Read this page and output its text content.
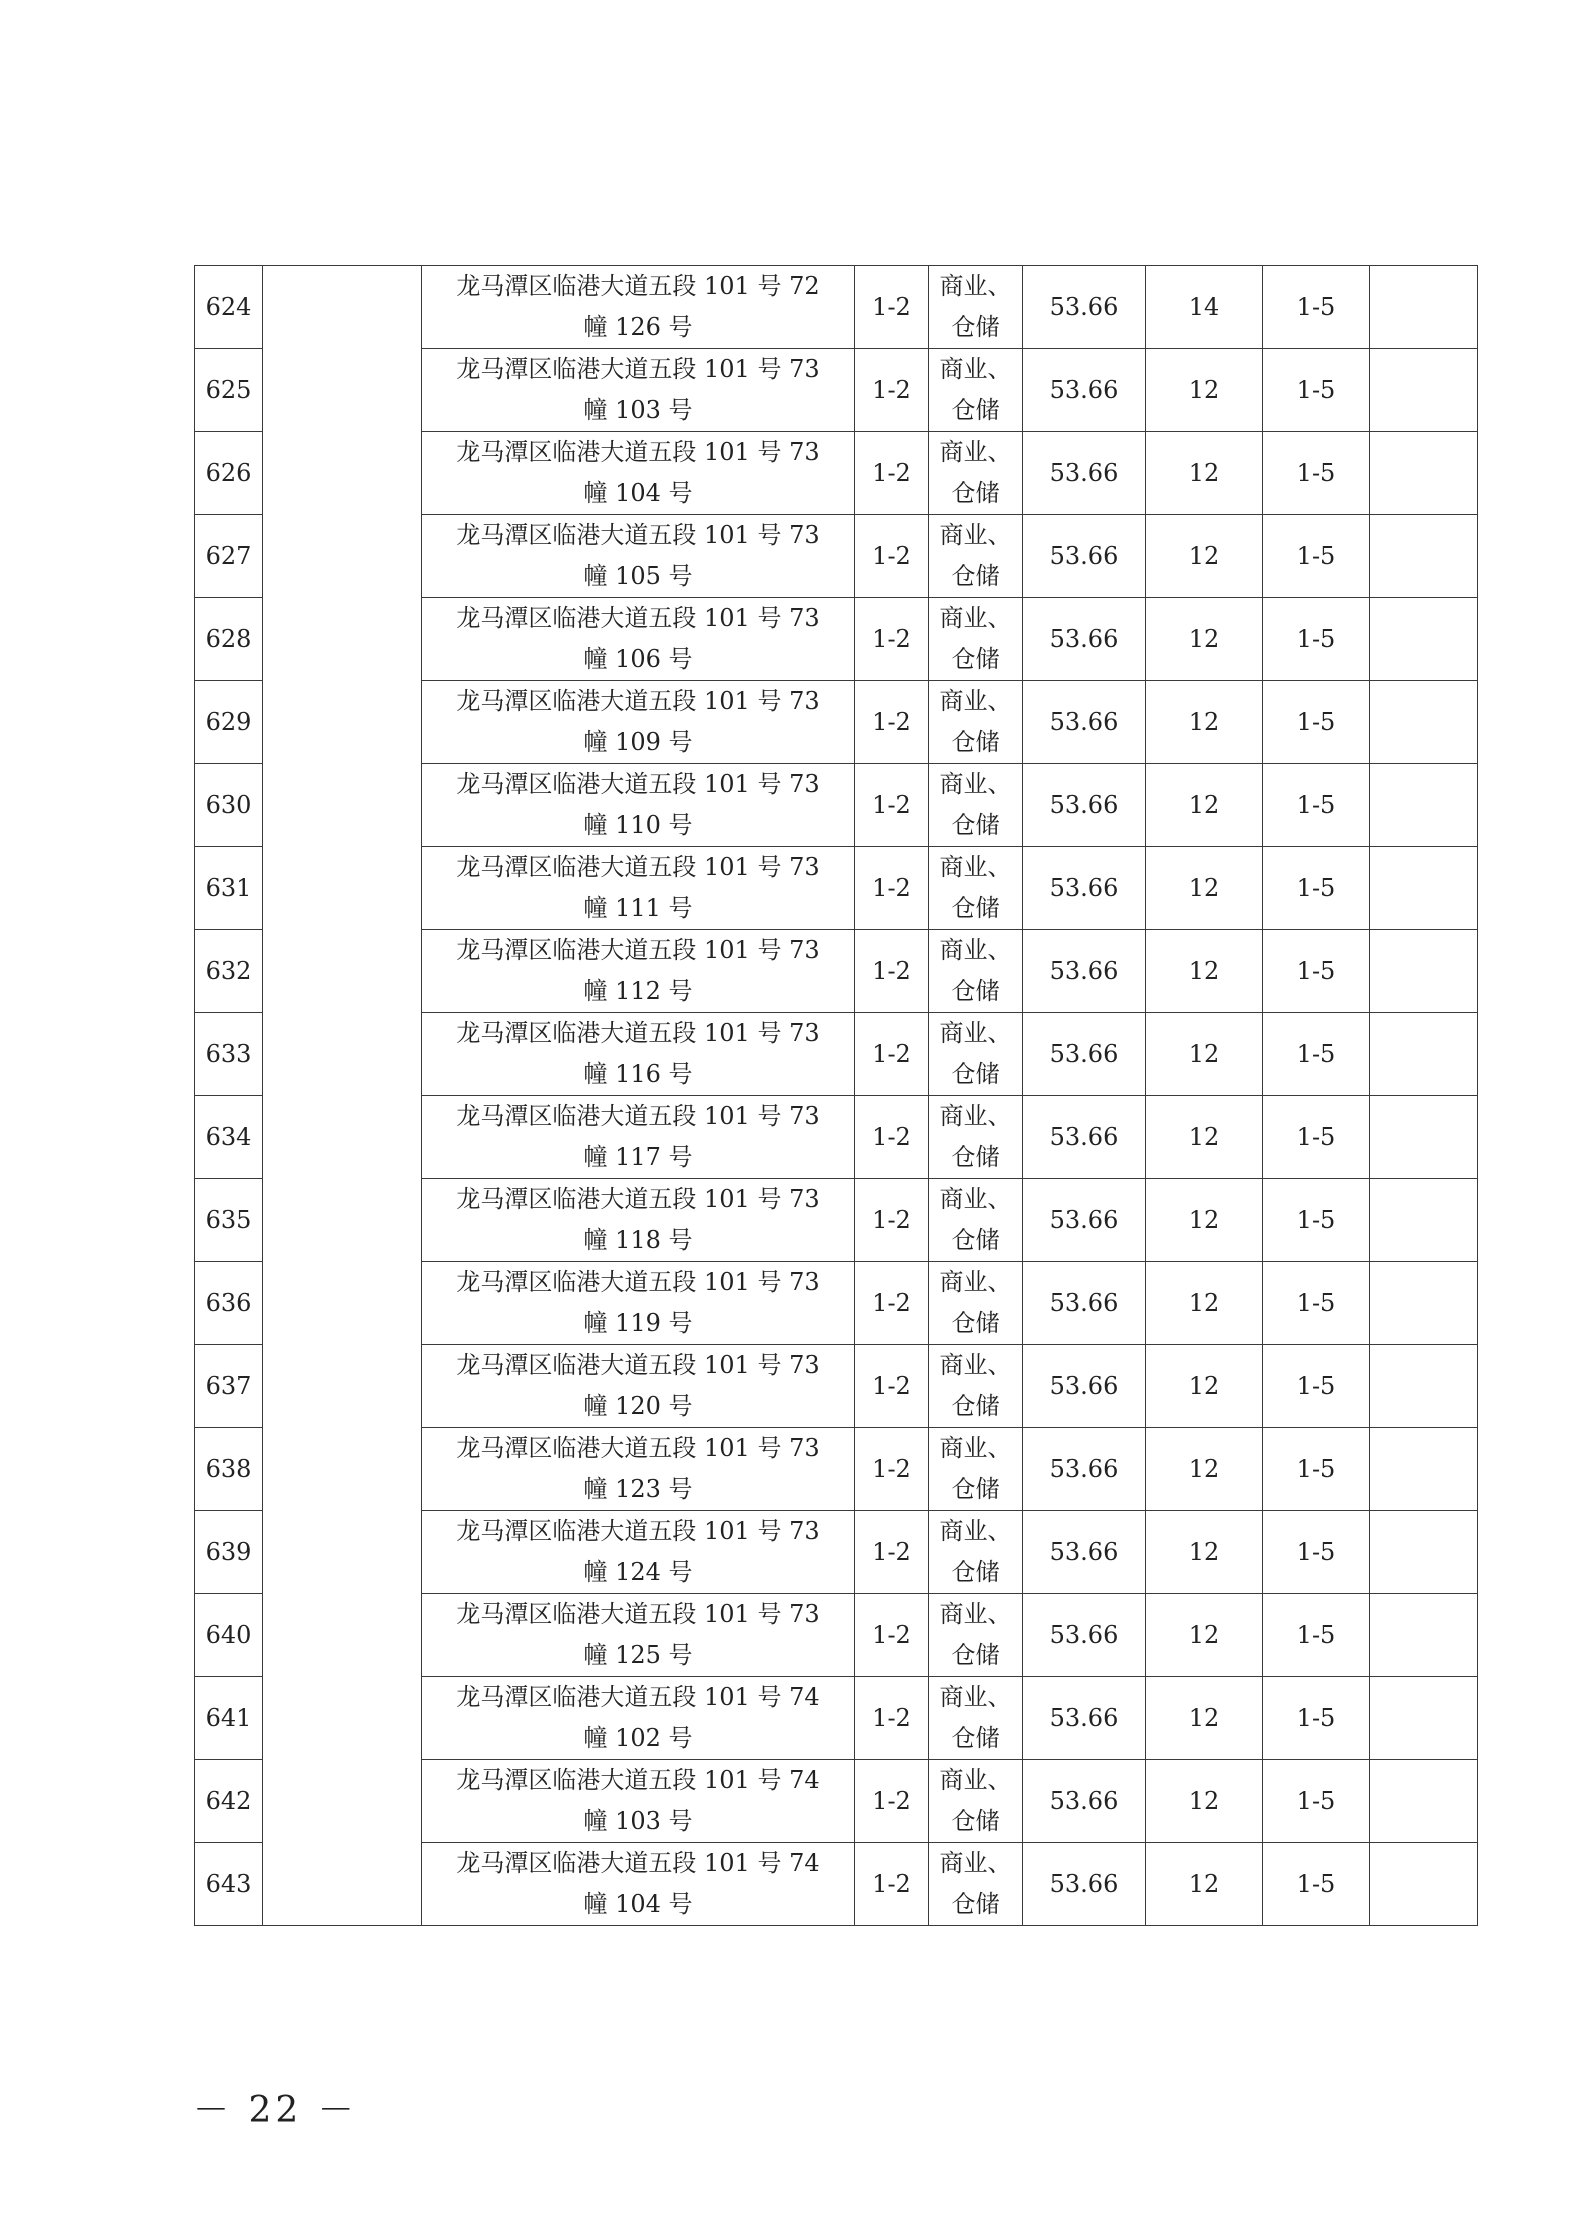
624		龙马潭区临港大道五段 101 号 72
幢 126 号	1-2	商业、
仓储	53.66	14	1-5	
625		龙马潭区临港大道五段 101 号 73
幢 103 号	1-2	商业、
仓储	53.66	12	1-5	
626		龙马潭区临港大道五段 101 号 73
幢 104 号	1-2	商业、
仓储	53.66	12	1-5	
627		龙马潭区临港大道五段 101 号 73
幢 105 号	1-2	商业、
仓储	53.66	12	1-5	
628		龙马潭区临港大道五段 101 号 73
幢 106 号	1-2	商业、
仓储	53.66	12	1-5	
629		龙马潭区临港大道五段 101 号 73
幢 109 号	1-2	商业、
仓储	53.66	12	1-5	
630		龙马潭区临港大道五段 101 号 73
幢 110 号	1-2	商业、
仓储	53.66	12	1-5	
631		龙马潭区临港大道五段 101 号 73
幢 111 号	1-2	商业、
仓储	53.66	12	1-5	
632		龙马潭区临港大道五段 101 号 73
幢 112 号	1-2	商业、
仓储	53.66	12	1-5	
633		龙马潭区临港大道五段 101 号 73
幢 116 号	1-2	商业、
仓储	53.66	12	1-5	
634		龙马潭区临港大道五段 101 号 73
幢 117 号	1-2	商业、
仓储	53.66	12	1-5	
635		龙马潭区临港大道五段 101 号 73
幢 118 号	1-2	商业、
仓储	53.66	12	1-5	
636		龙马潭区临港大道五段 101 号 73
幢 119 号	1-2	商业、
仓储	53.66	12	1-5	
637		龙马潭区临港大道五段 101 号 73
幢 120 号	1-2	商业、
仓储	53.66	12	1-5	
638		龙马潭区临港大道五段 101 号 73
幢 123 号	1-2	商业、
仓储	53.66	12	1-5	
639		龙马潭区临港大道五段 101 号 73
幢 124 号	1-2	商业、
仓储	53.66	12	1-5	
640		龙马潭区临港大道五段 101 号 73
幢 125 号	1-2	商业、
仓储	53.66	12	1-5	
641		龙马潭区临港大道五段 101 号 74
幢 102 号	1-2	商业、
仓储	53.66	12	1-5	
642		龙马潭区临港大道五段 101 号 74
幢 103 号	1-2	商业、
仓储	53.66	12	1-5	
643		龙马潭区临港大道五段 101 号 74
幢 104 号	1-2	商业、
仓储	53.66	12	1-5	
－ 22 －
